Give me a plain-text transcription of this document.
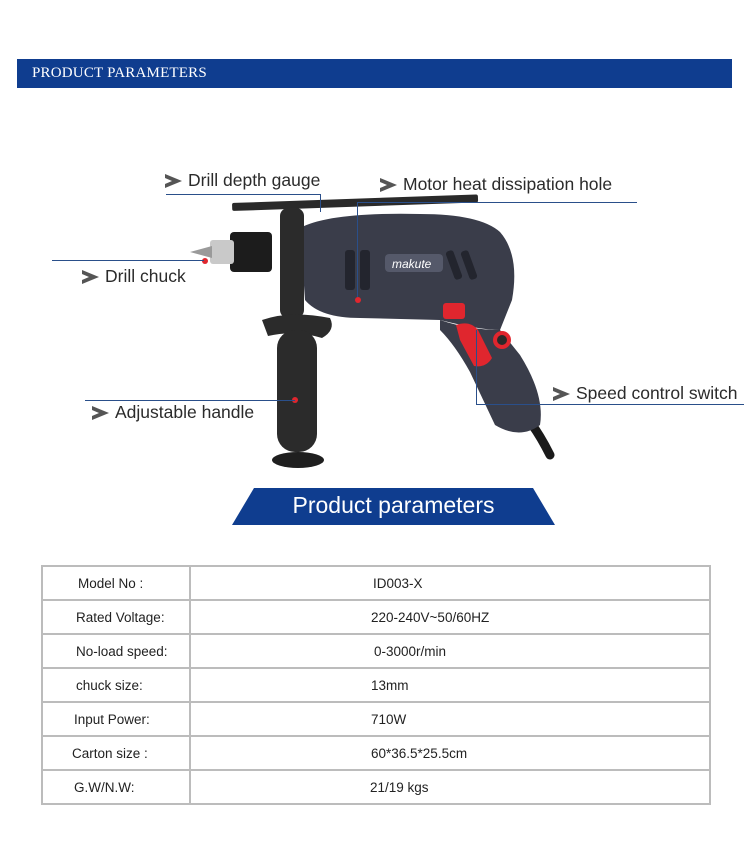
PRODUCT PARAMETERS
makute
Drill depth gauge	Motor heat dissipation hole
Drill chuck
Speed control switch
Adjustable handle
Product parameters
Model No :	ID003-X
Rated Voltage:	220-240V~50/60HZ
No-load speed:	0-3000r/min
chuck size:	13mm
Input Power:	710W
Carton size :	60*36.5*25.5cm
G.W/N.W:	21/19 kgs
